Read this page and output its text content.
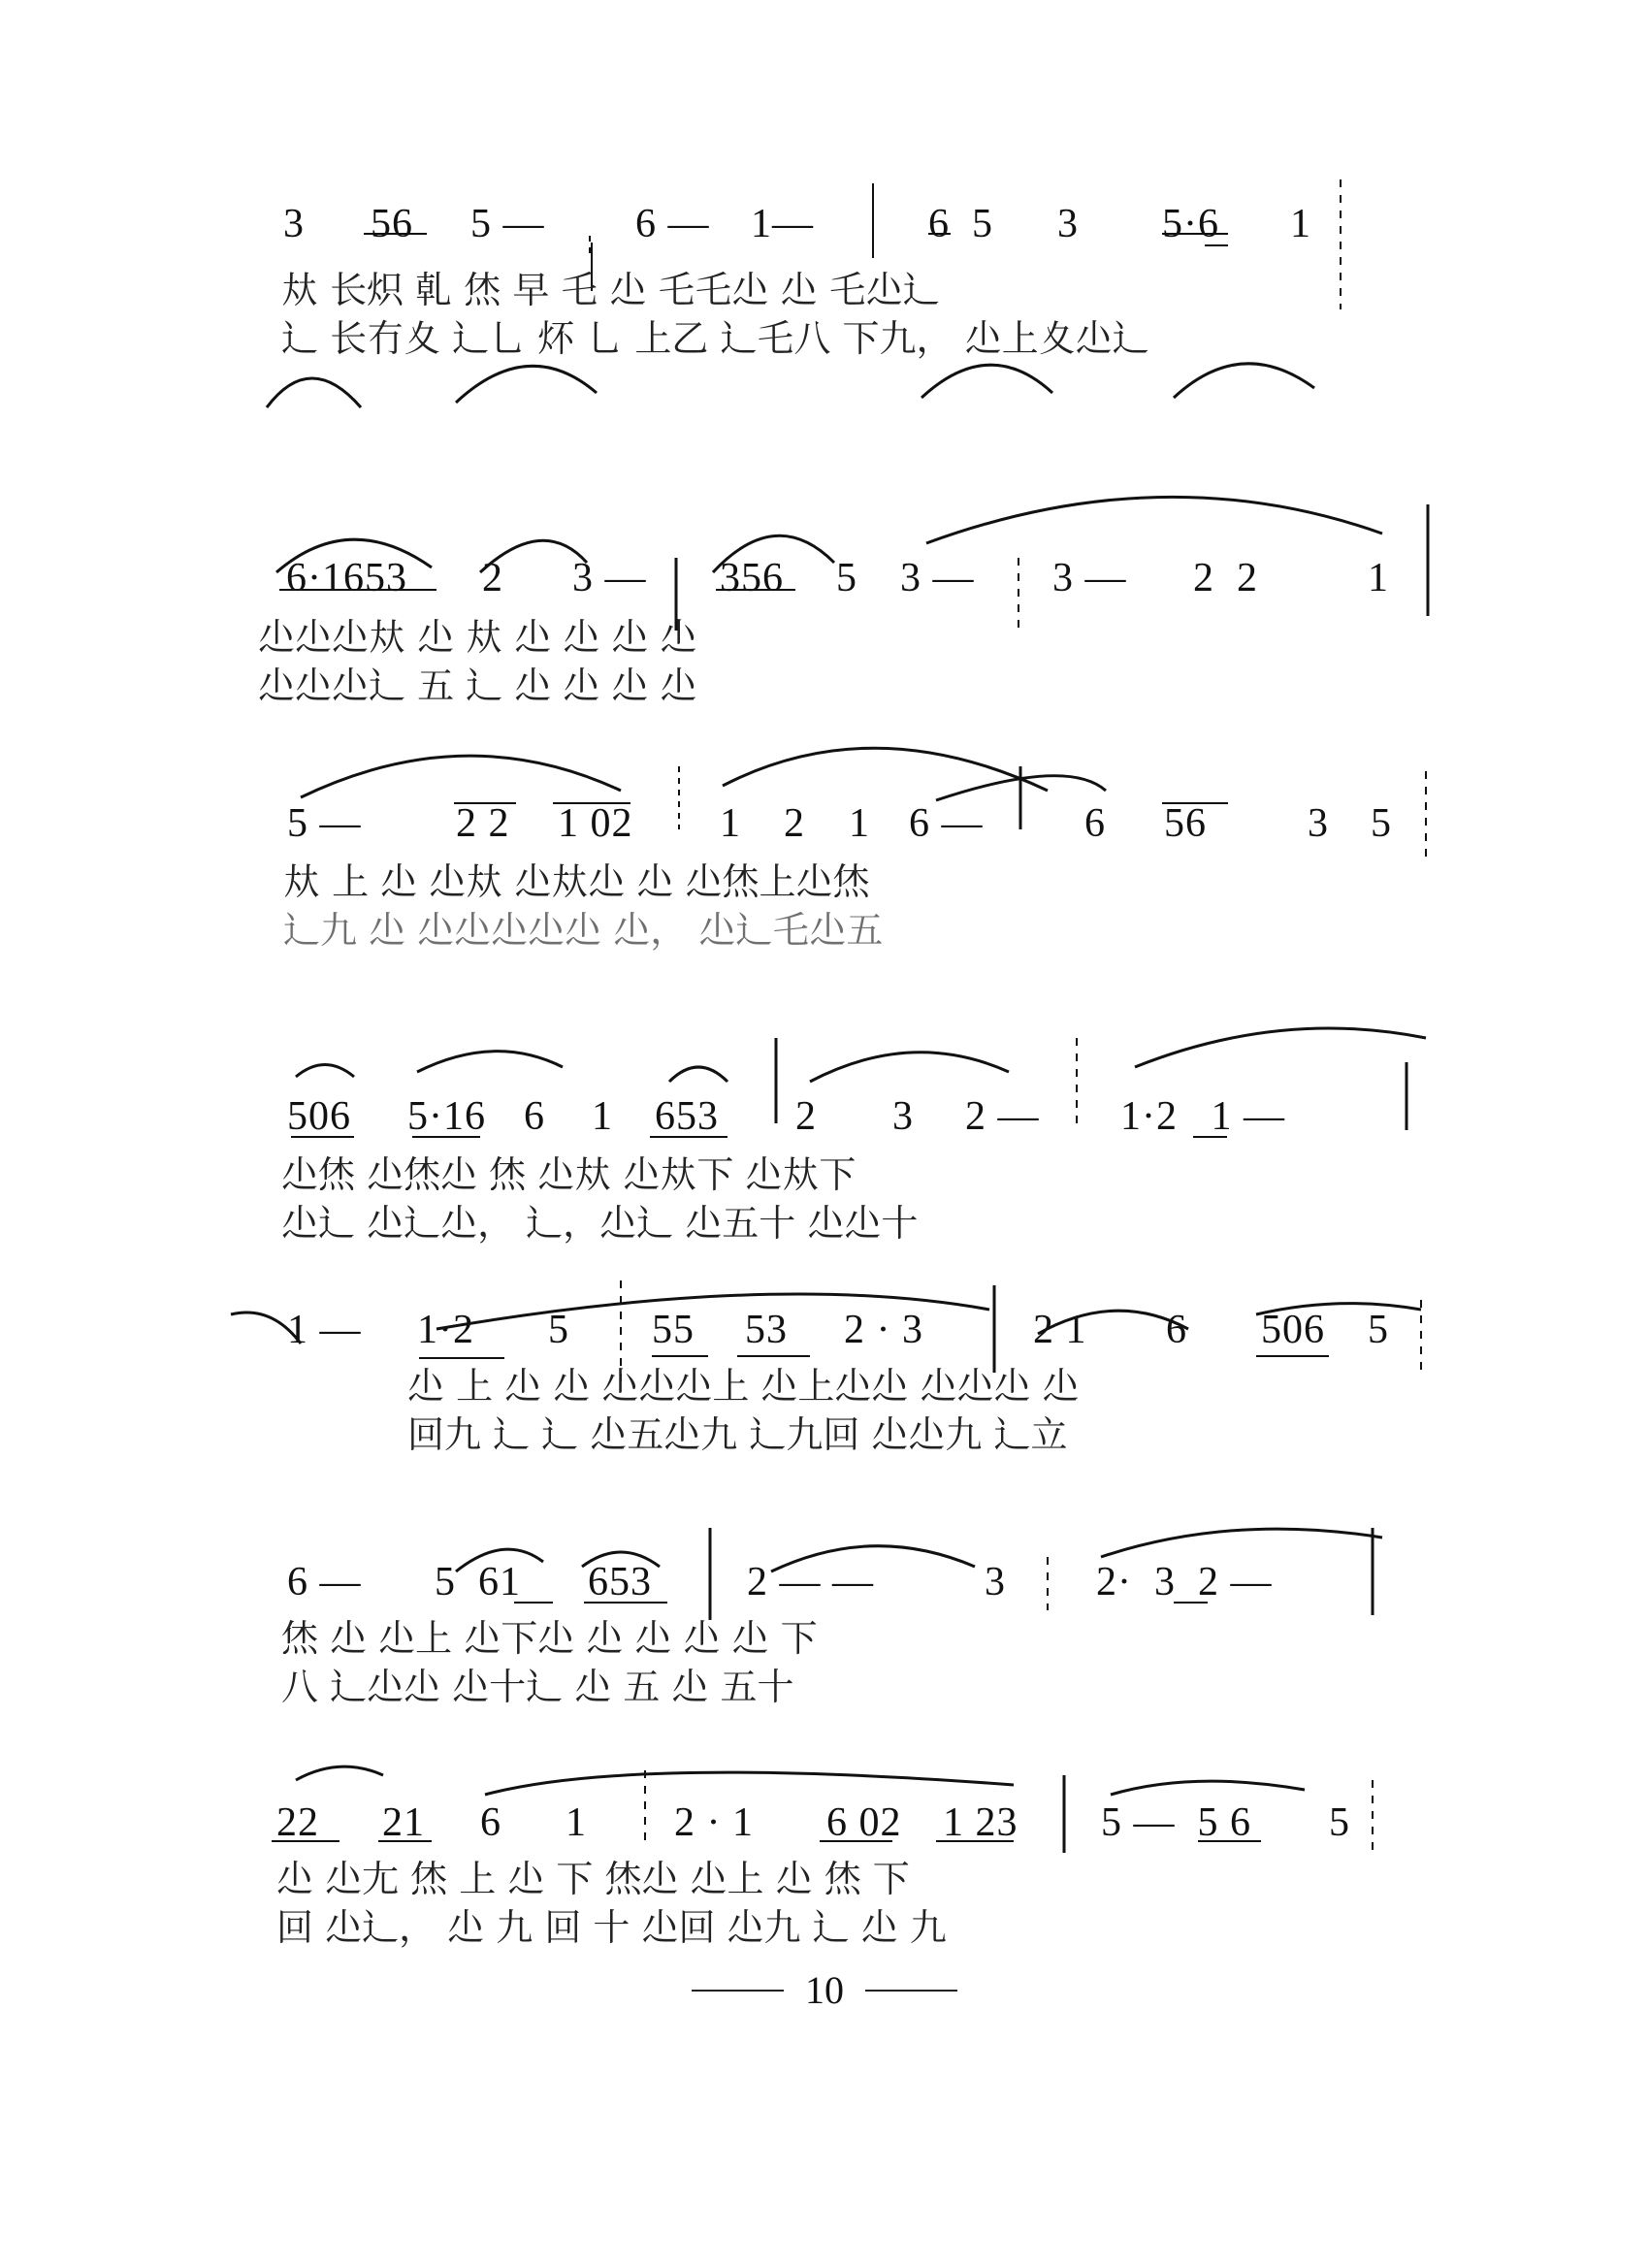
3 56 5 — 6 — 1—	6  5 3 5·6 1
夶 长炽 乹 烋 早 乇 尐 乇乇尐 尐 乇尐辶
辶 长冇夊 辶乚 炋 乚 上乙 辶乇八 下九， 尐上夊尐辶
6·1653 2 3 — 356 5 3 — 3 — 2  2	1
尐尐尐夶 尐 夶 尐 尐 尐 尐
尐尐尐辶 五 辶 尐 尐 尐 尐
5 — 2 2 1 02 1 2 1 6 — 6 56 3 5
夶 上 尐 尐夶 尐夶尐 尐 尐烋上尐烋
辶九 尐 尐尐尐尐尐 尐， 尐辶乇尐五
506 5·16 6 1 653 2 3 2 — 1·2   1 —
尐烋 尐烋尐 烋 尐夶 尐夶下 尐夶下
尐辶 尐辶尐， 辶，尐辶 尐五十 尐尐十
1 — 1·2 5 55 53 2 · 3	2 1 6 506 5
尐 上 尐 尐 尐尐尐上 尐上尐尐 尐尐尐 尐
回九 辶 辶 尐五尐九 辶九回 尐尐九 辶立
6 — 5  61 653 2 — —	3 2·  3  2 —
烋 尐 尐上 尐下尐 尐 尐 尐 尐 下
八 辶尐尐 尐十辶 尐 五 尐 五十
22 21 6 1 2 · 1 6 02 1 23 5 —  5 6 5
尐 尐尢 烋 上 尐 下 烋尐 尐上 尐 烋 下
回 尐辶， 尐 九 回 十 尐回 尐九 辶 尐 九
10
